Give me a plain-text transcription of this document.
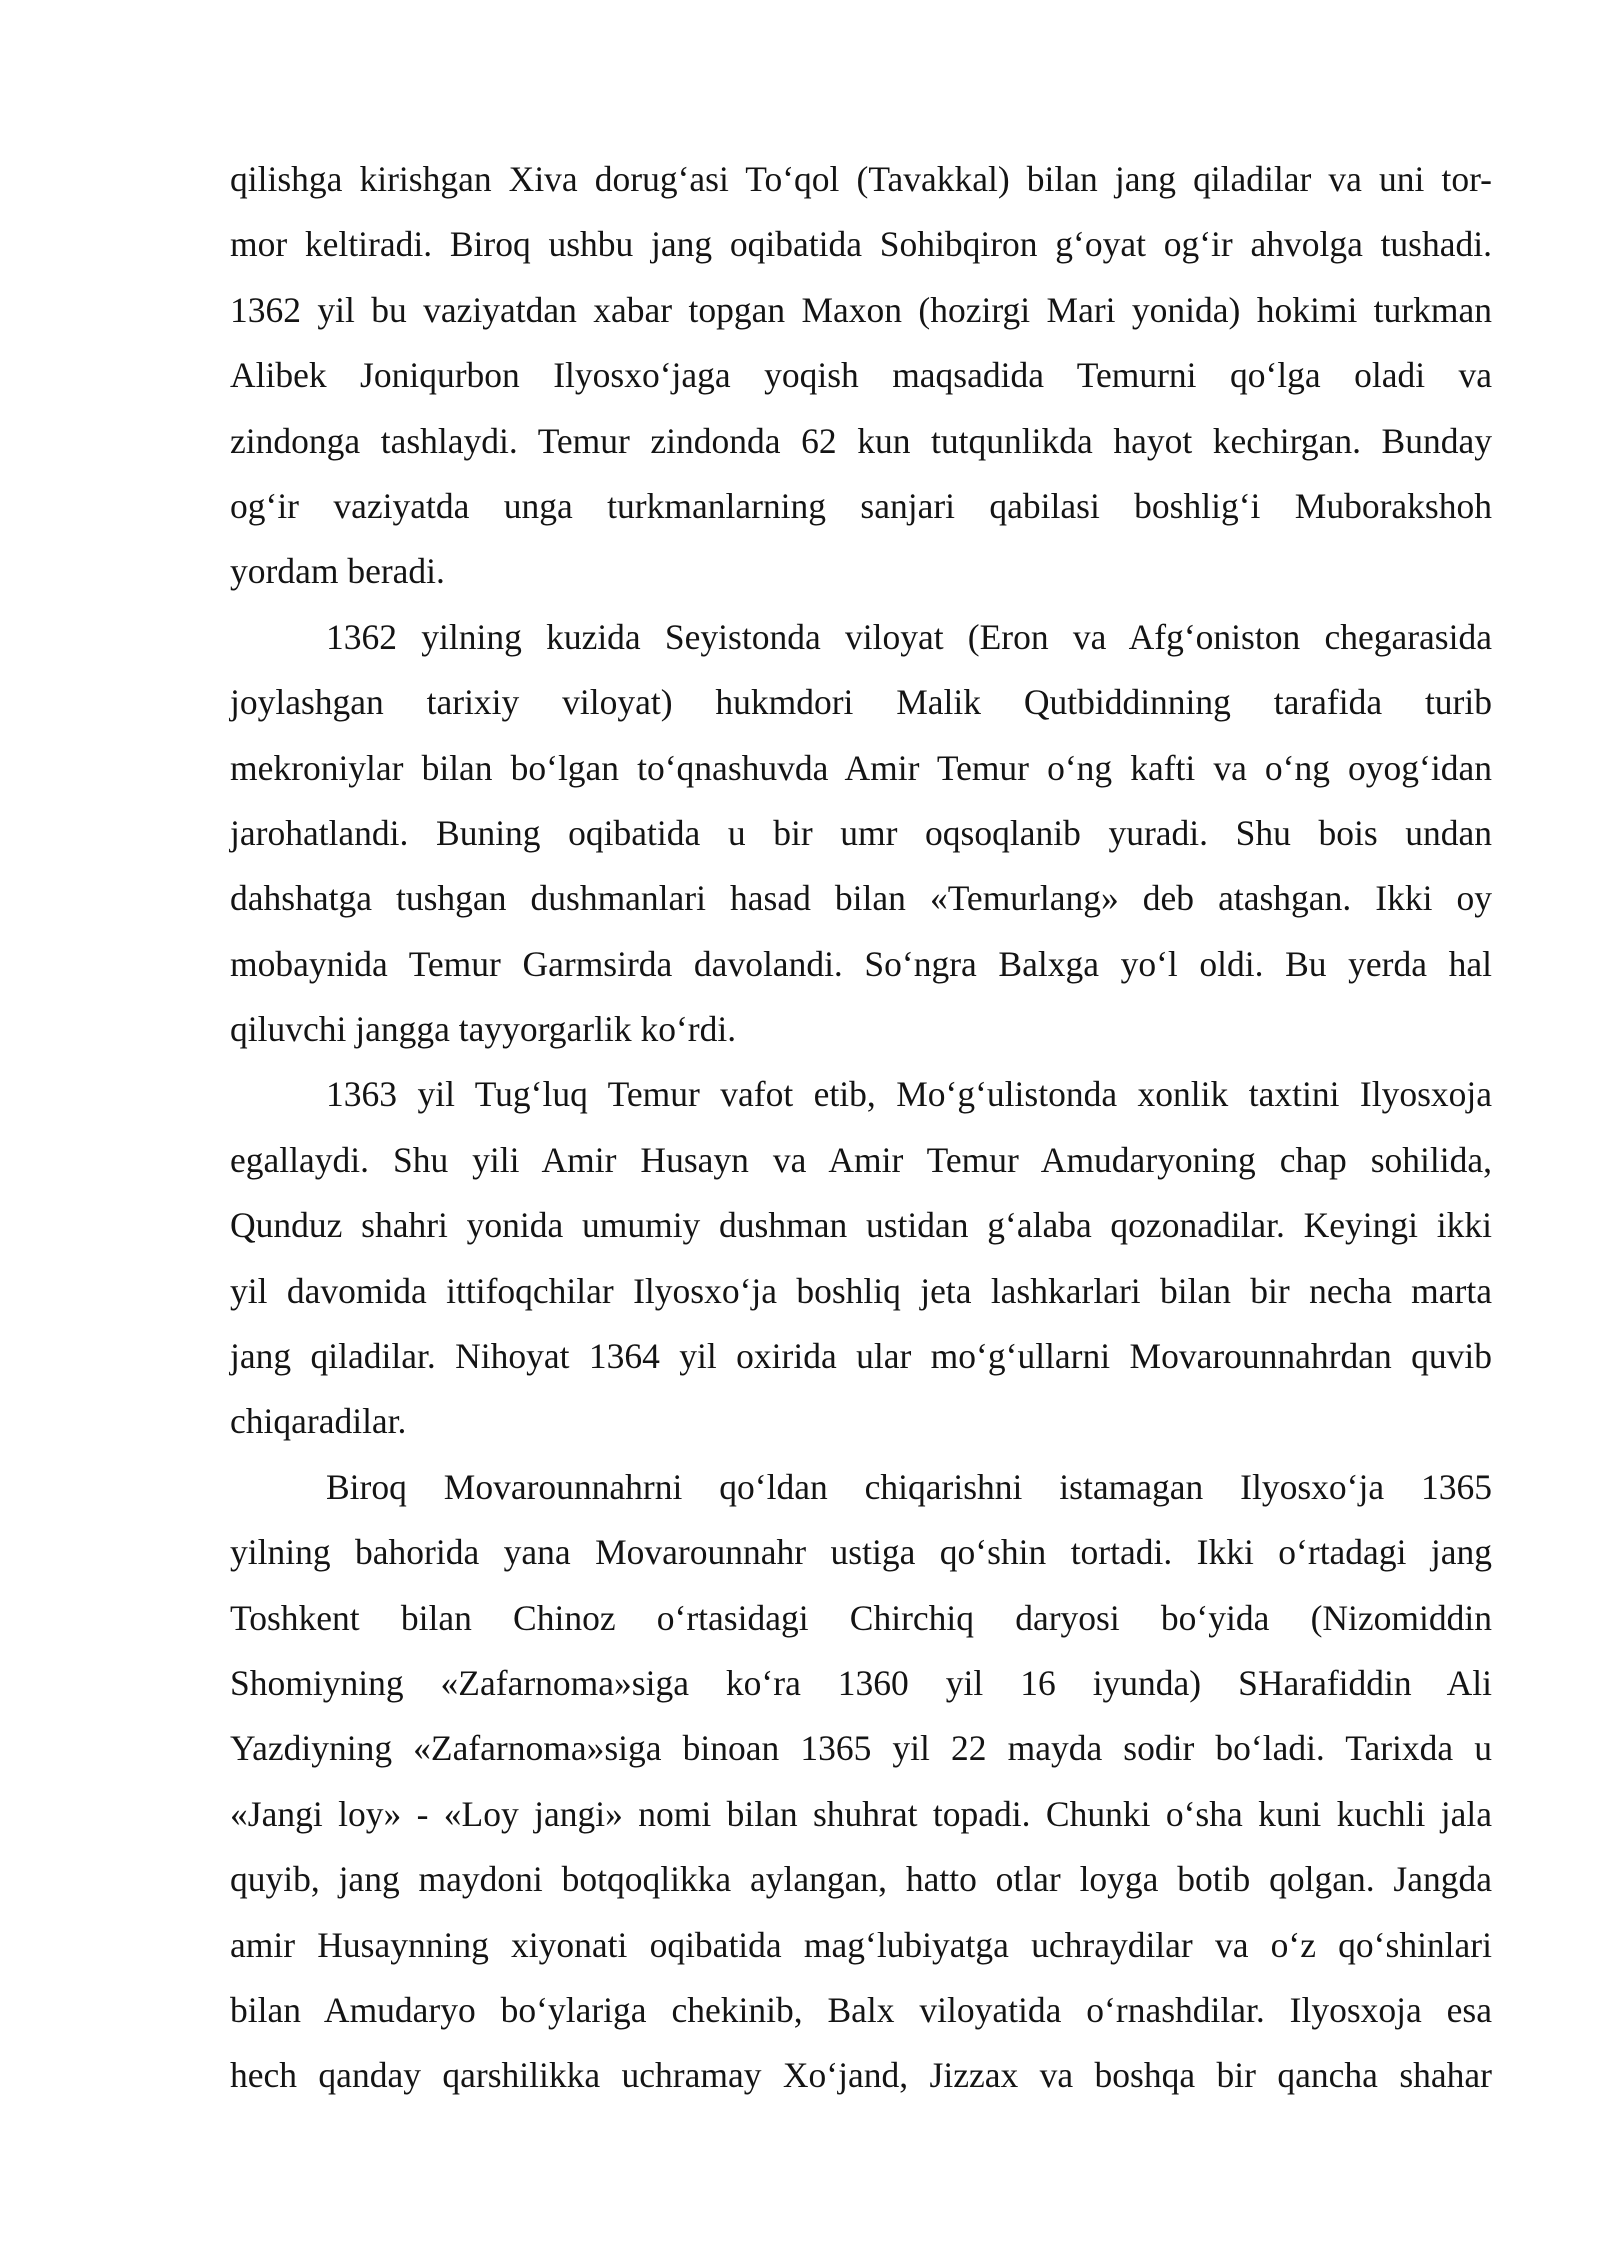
qilishga kirishgan Xiva dorug‘asi To‘qol (Tavakkal) bilan jang qiladilar va uni tor-
mor keltiradi. Biroq ushbu jang oqibatida Sohibqiron g‘oyat og‘ir ahvolga tushadi.
1362 yil bu vaziyatdan xabar topgan Maxon (hozirgi Mari yonida) hokimi turkman
Alibek Joniqurbon Ilyosxo‘jaga yoqish maqsadida Temurni qo‘lga oladi va
zindonga tashlaydi. Temur zindonda 62 kun tutqunlikda hayot kechirgan. Bunday
og‘ir vaziyatda unga turkmanlarning sanjari qabilasi boshlig‘i Muborakshoh
yordam beradi.
1362 yilning kuzida Seyistonda viloyat (Eron va Afg‘oniston chegarasida
joylashgan tarixiy viloyat) hukmdori Malik Qutbiddinning tarafida turib
mekroniylar bilan bo‘lgan to‘qnashuvda Amir Temur o‘ng kafti va o‘ng oyog‘idan
jarohatlandi. Buning oqibatida u bir umr oqsoqlanib yuradi. Shu bois undan
dahshatga tushgan dushmanlari hasad bilan «Temurlang» deb atashgan. Ikki oy
mobaynida Temur Garmsirda davolandi. So‘ngra Balxga yo‘l oldi. Bu yerda hal
qiluvchi jangga tayyorgarlik ko‘rdi.
1363 yil Tug‘luq Temur vafot etib, Mo‘g‘ulistonda xonlik taxtini Ilyosxoja
egallaydi. Shu yili Amir Husayn va Amir Temur Amudaryoning chap sohilida,
Qunduz shahri yonida umumiy dushman ustidan g‘alaba qozonadilar. Keyingi ikki
yil davomida ittifoqchilar Ilyosxo‘ja boshliq jeta lashkarlari bilan bir necha marta
jang qiladilar. Nihoyat 1364 yil oxirida ular mo‘g‘ullarni Movarounnahrdan quvib
chiqaradilar.
Biroq Movarounnahrni qo‘ldan chiqarishni istamagan Ilyosxo‘ja 1365
yilning bahorida yana Movarounnahr ustiga qo‘shin tortadi. Ikki o‘rtadagi jang
Toshkent bilan Chinoz o‘rtasidagi Chirchiq daryosi bo‘yida (Nizomiddin
Shomiyning «Zafarnoma»siga ko‘ra 1360 yil 16 iyunda) SHarafiddin Ali
Yazdiyning «Zafarnoma»siga binoan 1365 yil 22 mayda sodir bo‘ladi. Tarixda u
«Jangi loy» - «Loy jangi» nomi bilan shuhrat topadi. Chunki o‘sha kuni kuchli jala
quyib, jang maydoni botqoqlikka aylangan, hatto otlar loyga botib qolgan. Jangda
amir Husaynning xiyonati oqibatida mag‘lubiyatga uchraydilar va o‘z qo‘shinlari
bilan Amudaryo bo‘ylariga chekinib, Balx viloyatida o‘rnashdilar. Ilyosxoja esa
hech qanday qarshilikka uchramay Xo‘jand, Jizzax va boshqa bir qancha shahar
